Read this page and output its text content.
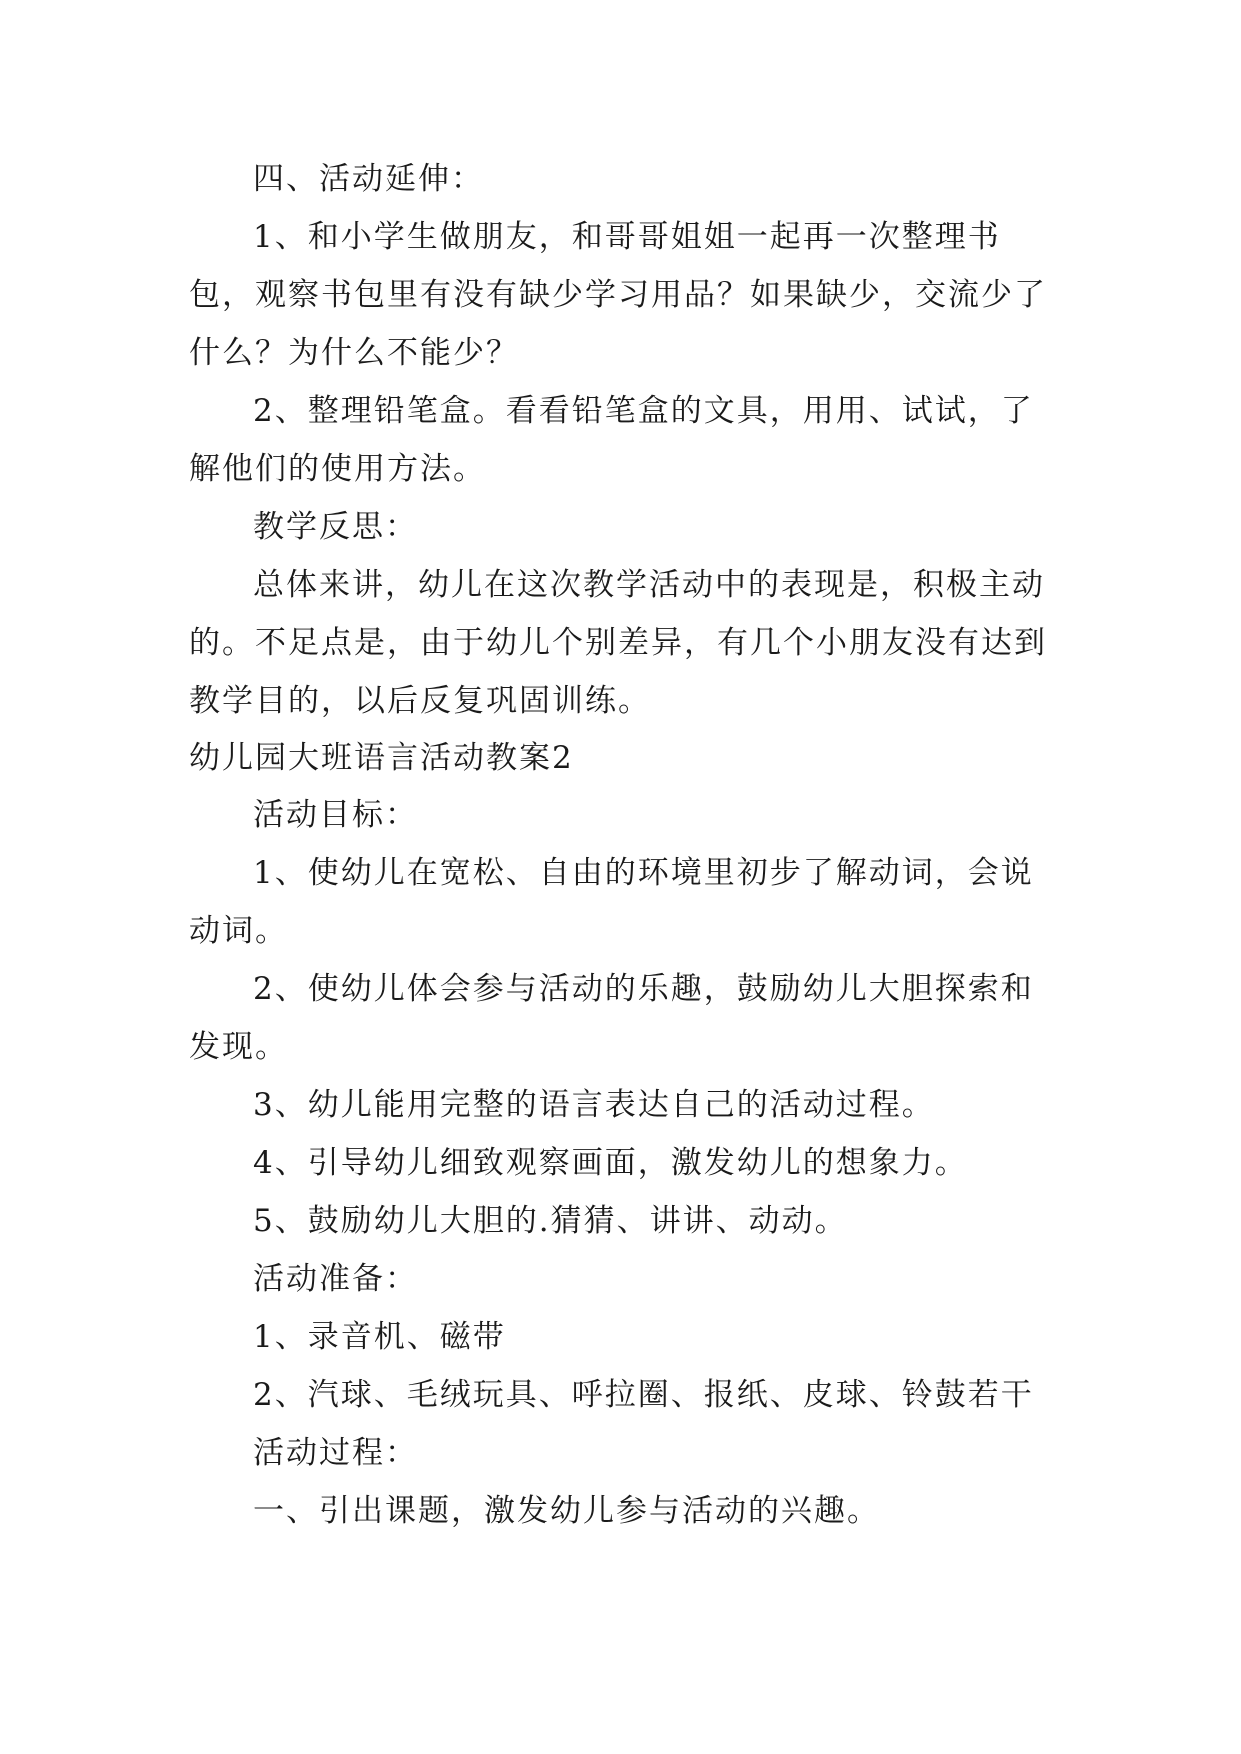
四、活动延伸：

1、和小学生做朋友，和哥哥姐姐一起再一次整理书包，观察书包里有没有缺少学习用品？如果缺少，交流少了什么？为什么不能少？

2、整理铅笔盒。看看铅笔盒的文具，用用、试试，了解他们的使用方法。

教学反思：

总体来讲，幼儿在这次教学活动中的表现是，积极主动的。不足点是，由于幼儿个别差异，有几个小朋友没有达到教学目的，以后反复巩固训练。

幼儿园大班语言活动教案2

活动目标：

1、使幼儿在宽松、自由的环境里初步了解动词，会说动词。

2、使幼儿体会参与活动的乐趣，鼓励幼儿大胆探索和发现。

3、幼儿能用完整的语言表达自己的活动过程。

4、引导幼儿细致观察画面，激发幼儿的想象力。

5、鼓励幼儿大胆的.猜猜、讲讲、动动。

活动准备：

1、录音机、磁带

2、汽球、毛绒玩具、呼拉圈、报纸、皮球、铃鼓若干

活动过程：

一、引出课题，激发幼儿参与活动的兴趣。
